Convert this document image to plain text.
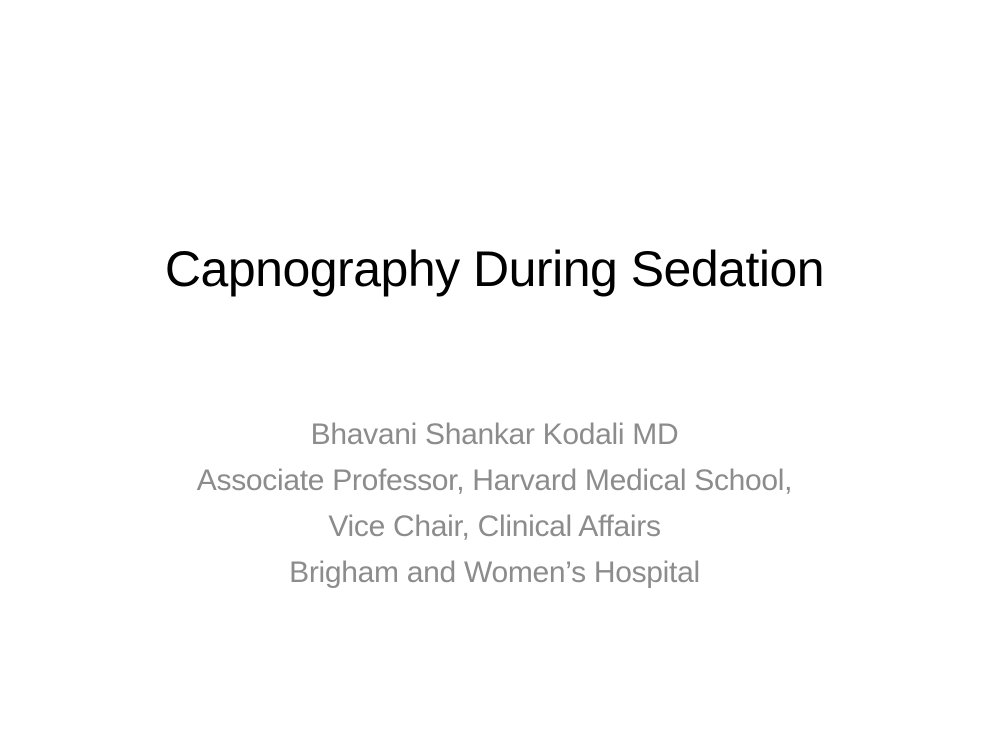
Capnography During Sedation
Bhavani Shankar Kodali MD
Associate Professor, Harvard Medical School,
Vice Chair, Clinical Affairs
Brigham and Women’s Hospital
